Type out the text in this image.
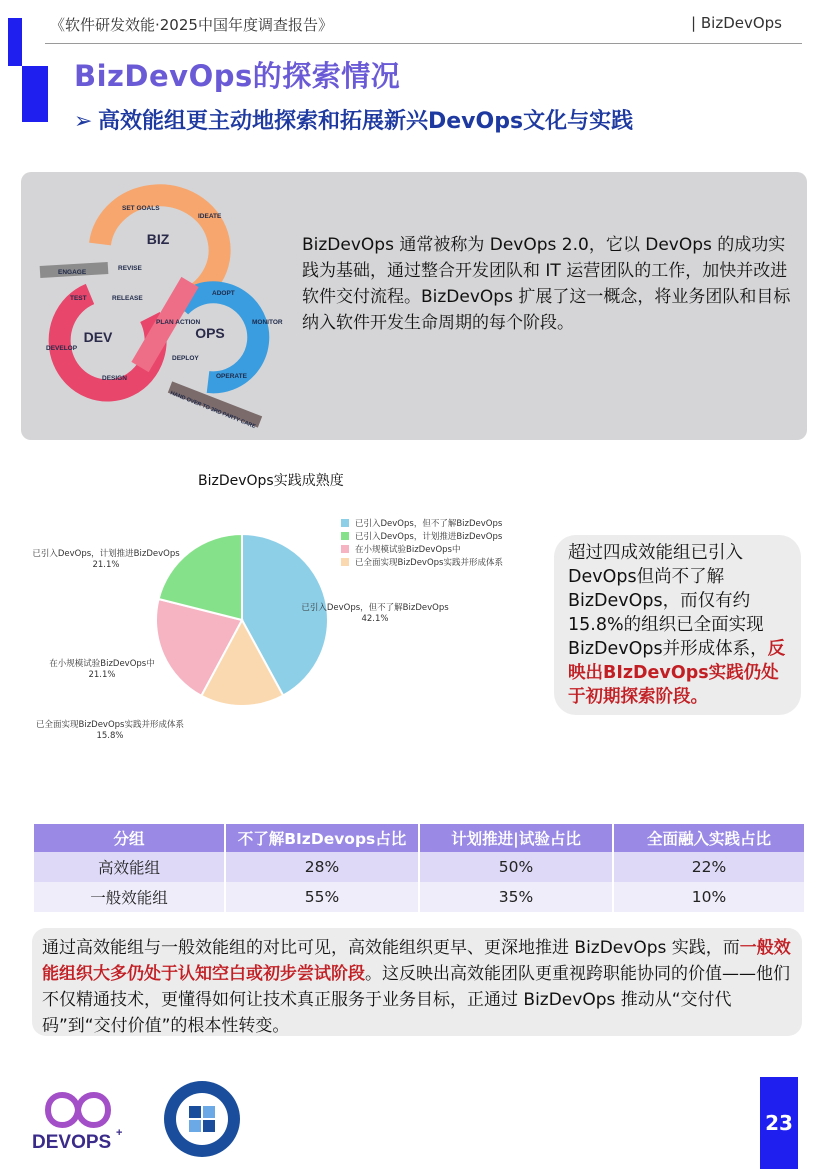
《软件研发效能·2025中国年度调查报告》	| BizDevOps
BizDevOps的探索情况
➢ 高效能组更主动地探索和拓展新兴DevOps文化与实践
BIZ
DEV	OPS
SET GOALS
IDEATE
ENGAGE
REVISE
TEST	RELEASE
PLAN ACTION
ADOPT
MONITOR
DEVELOP
DESIGN
DEPLOY
OPERATE
HAND OVER TO 3RD PARTY CARE
BizDevOps 通常被称为 DevOps 2.0，它以 DevOps 的成功实践为基础，通过整合开发团队和 IT 运营团队的工作，加快并改进软件交付流程。BizDevOps 扩展了这一概念，将业务团队和目标纳入软件开发生命周期的每个阶段。
BizDevOps实践成熟度
已引入DevOps，但不了解BizDevOps
42.1%
已全面实现BizDevOps实践并形成体系
15.8%
在小规模试验BizDevOps中
21.1%
已引入DevOps，计划推进BizDevOps
21.1%
已引入DevOps，但不了解BizDevOps
已引入DevOps，计划推进BizDevOps
在小规模试验BizDevOps中
已全面实现BizDevOps实践并形成体系	超过四成效能组已引入DevOps但尚不了解BizDevOps，而仅有约15.8%的组织已全面实现BizDevOps并形成体系，反映出BIzDevOps实践仍处于初期探索阶段。
分组	不了解BIzDevops占比	计划推进|试验占比	全面融入实践占比
高效能组	28%	50%	22%
一般效能组	55%	35%	10%
通过高效能组与一般效能组的对比可见，高效能组织更早、更深地推进 BizDevOps 实践，而一般效能组织大多仍处于认知空白或初步尝试阶段。这反映出高效能团队更重视跨职能协同的价值——他们不仅精通技术，更懂得如何让技术真正服务于业务目标，正通过 BizDevOps 推动从“交付代码”到“交付价值”的根本性转变。
DEVOPS +	23
